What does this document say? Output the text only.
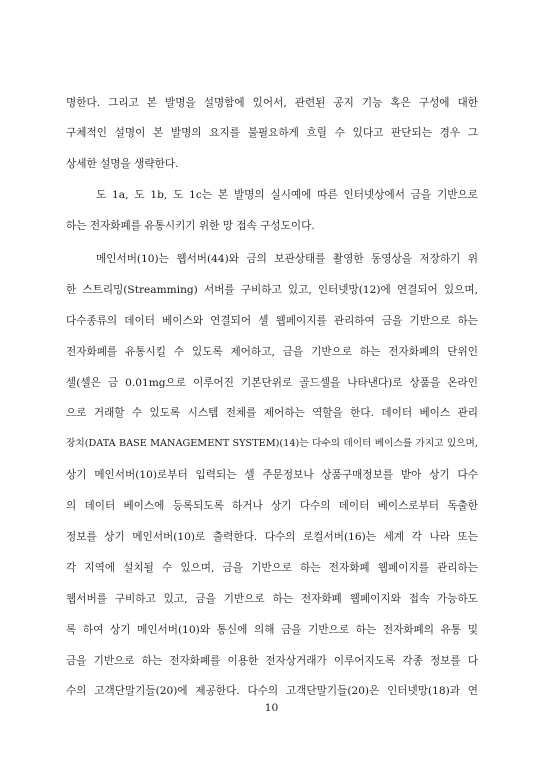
명한다. 그리고 본 발명을 설명함에 있어서, 관련된 공지 기능 혹은 구성에 대한
구체적인 설명이 본 발명의 요지를 불필요하게 흐릴 수 있다고 판단되는 경우 그
상세한 설명을 생략한다.
도 1a, 도 1b, 도 1c는 본 발명의 실시예에 따른 인터넷상에서 금을 기반으로
하는 전자화폐를 유통시키기 위한 망 접속 구성도이다.
메인서버(10)는 웹서버(44)와 금의 보관상태를 촬영한 동영상을 저장하기 위
한 스트리밍(Streamming) 서버를 구비하고 있고, 인터넷망(12)에 연결되어 있으며,
다수종류의 데이터 베이스와 연결되어 셀 웹페이지를 관리하여 금을 기반으로 하는
전자화폐를 유통시킬 수 있도록 제어하고, 금을 기반으로 하는 전자화폐의 단위인
셀(셀은 금 0.01mg으로 이루어진 기본단위로 골드셀을 나타낸다)로 상품을 온라인
으로 거래할 수 있도록 시스템 전체를 제어하는 역할을 한다. 데이터 베이스 관리
장치(DATA BASE MANAGEMENT SYSTEM)(14)는 다수의 데이터 베이스를 가지고 있으며,
상기 메인서버(10)로부터 입력되는 셀 주문정보나 상품구매정보를 받아 상기 다수
의 데이터 베이스에 등록되도록 하거나 상기 다수의 데이터 베이스로부터 독출한
정보를 상기 메인서버(10)로 출력한다. 다수의 로컬서버(16)는 세계 각 나라 또는
각 지역에 설치될 수 있으며, 금을 기반으로 하는 전자화폐 웹페이지를 관리하는
웹서버를 구비하고 있고, 금을 기반으로 하는 전자화폐 웹페이지와 접속 가능하도
록 하여 상기 메인서버(10)와 통신에 의해 금을 기반으로 하는 전자화폐의 유통 및
금을 기반으로 하는 전자화폐를 이용한 전자상거래가 이루어지도록 각종 정보를 다
수의 고객단말기들(20)에 제공한다. 다수의 고객단말기들(20)은 인터넷망(18)과 연
10
